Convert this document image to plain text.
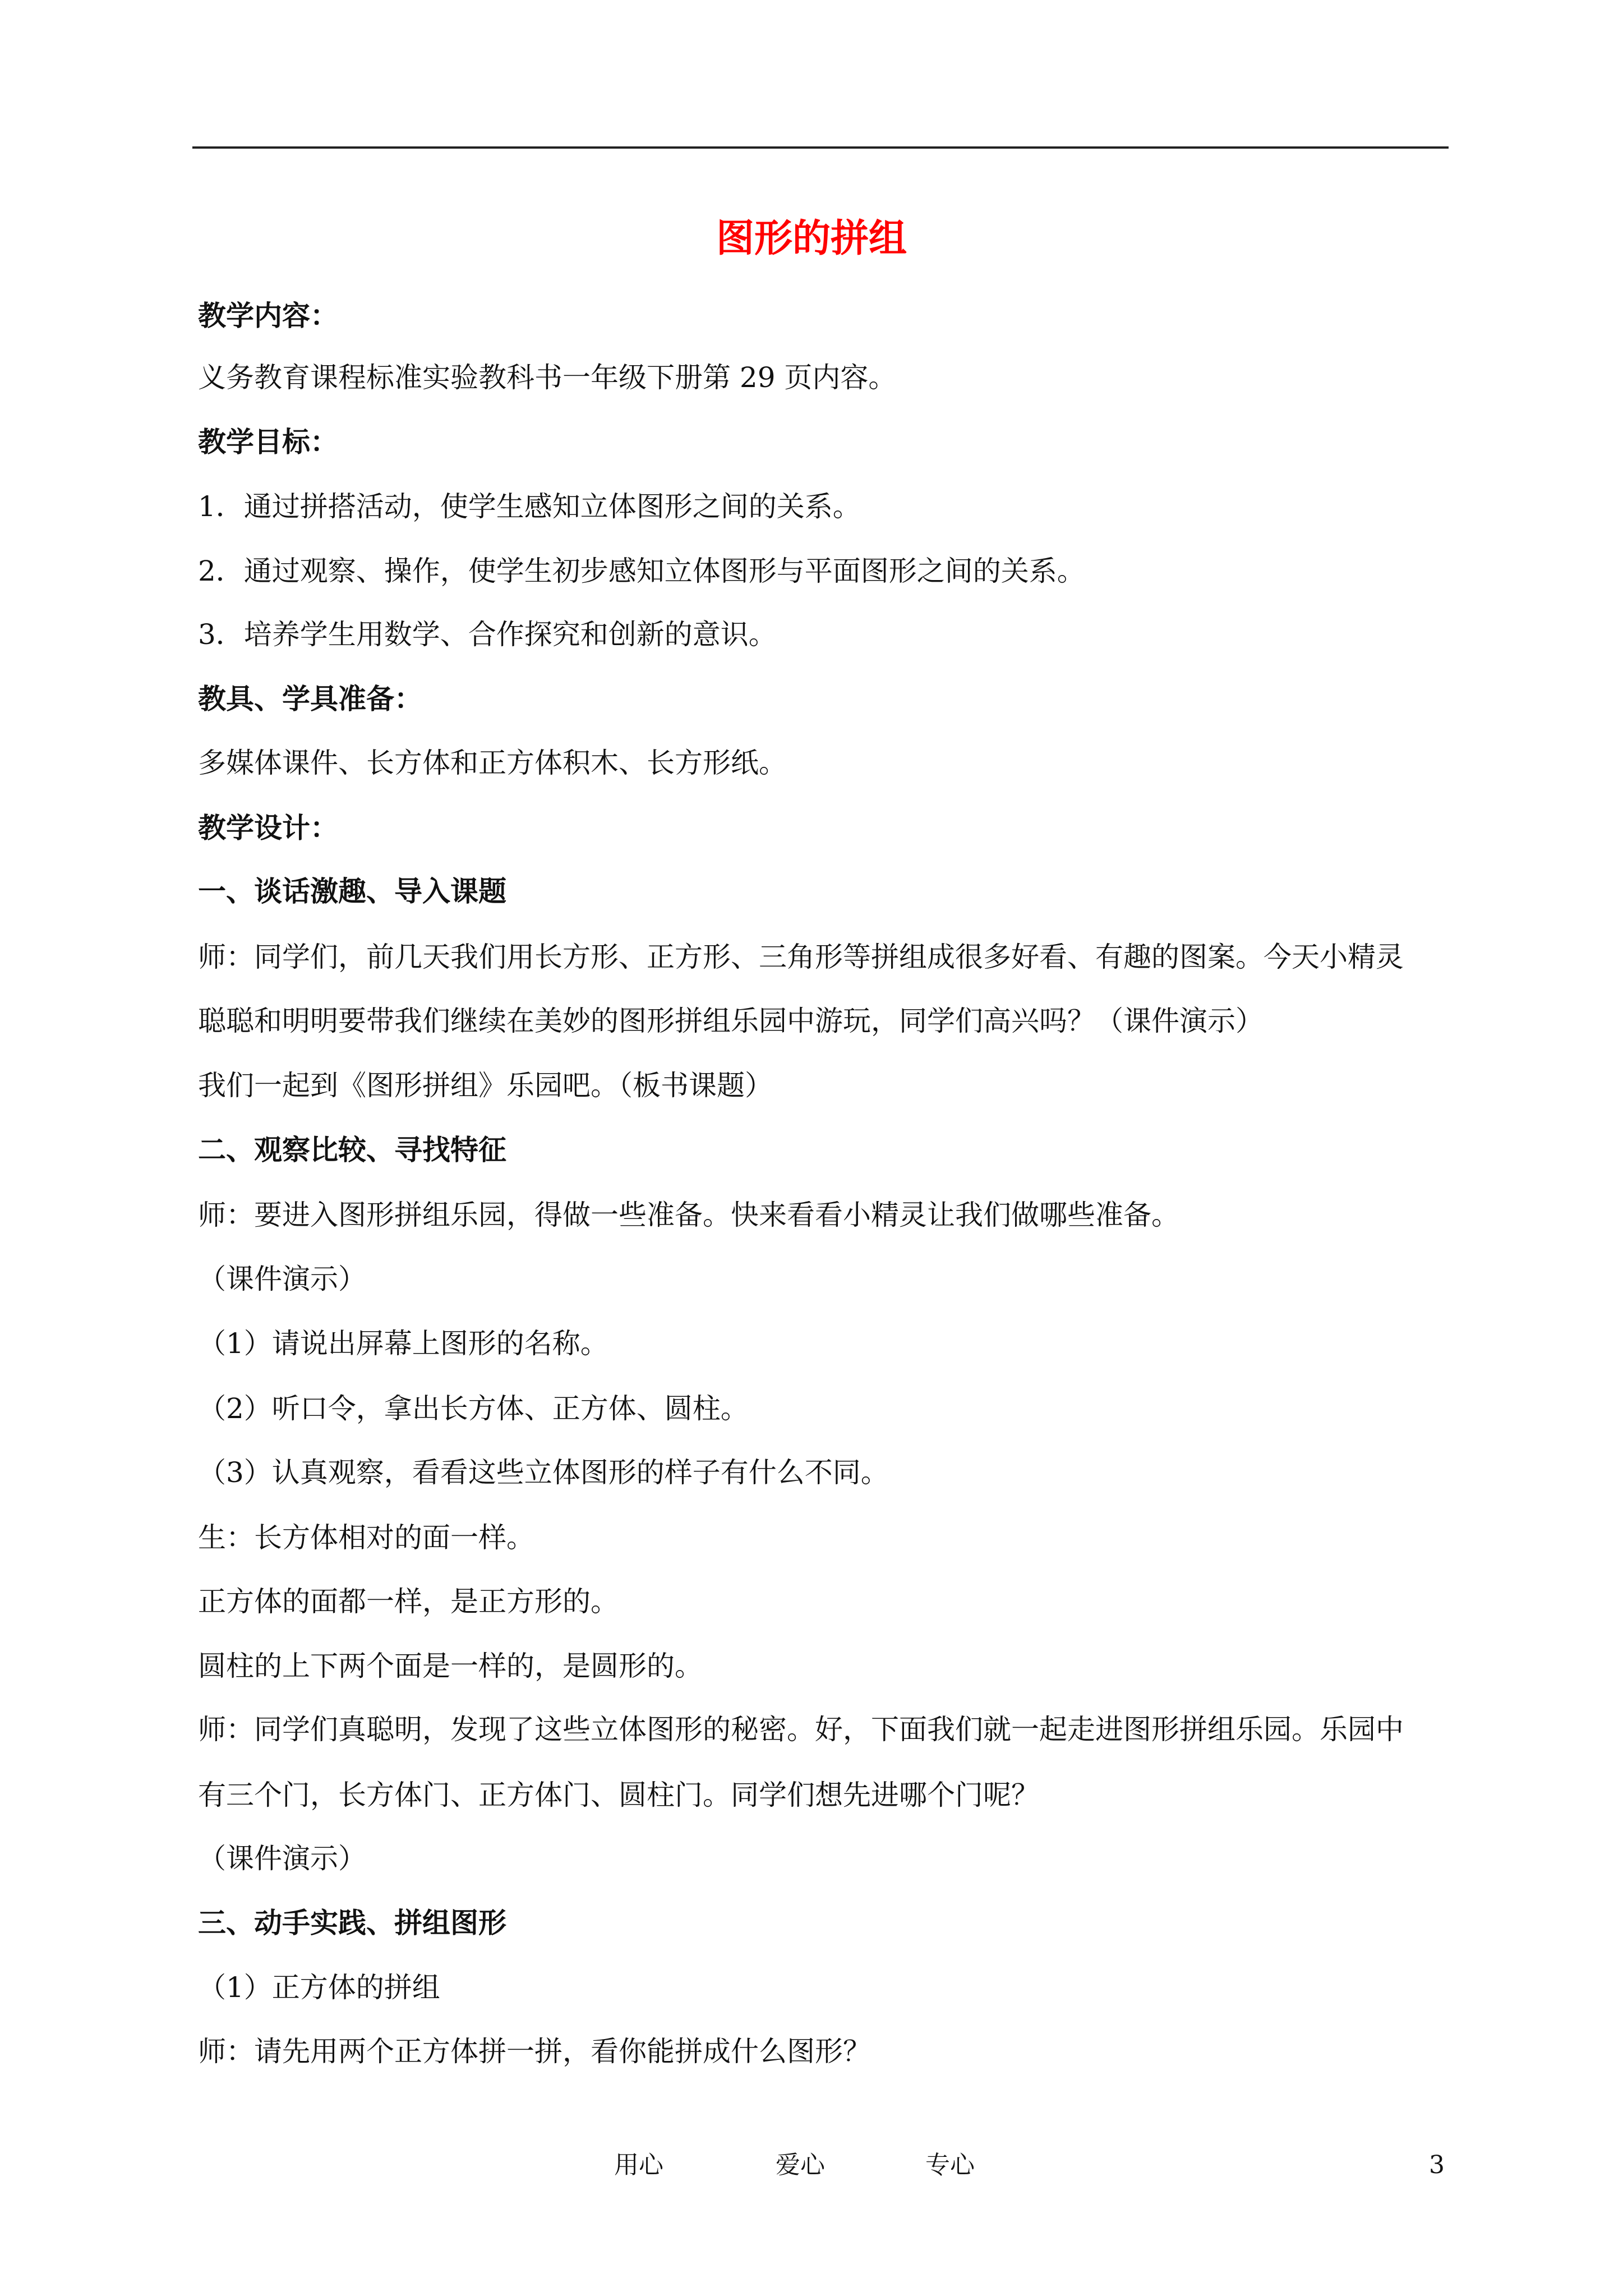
图形的拼组
教学内容：
义务教育课程标准实验教科书一年级下册第 29 页内容。
教学目标：
1．通过拼搭活动，使学生感知立体图形之间的关系。
2．通过观察、操作，使学生初步感知立体图形与平面图形之间的关系。
3．培养学生用数学、合作探究和创新的意识。
教具、学具准备：
多媒体课件、长方体和正方体积木、长方形纸。
教学设计：
一、谈话激趣、导入课题
师：同学们，前几天我们用长方形、正方形、三角形等拼组成很多好看、有趣的图案。今天小精灵
聪聪和明明要带我们继续在美妙的图形拼组乐园中游玩，同学们高兴吗？（课件演示）
我们一起到《图形拼组》乐园吧。（板书课题）
二、观察比较、寻找特征
师：要进入图形拼组乐园，得做一些准备。快来看看小精灵让我们做哪些准备。
（课件演示）
（1）请说出屏幕上图形的名称。
（2）听口令，拿出长方体、正方体、圆柱。
（3）认真观察，看看这些立体图形的样子有什么不同。
生：长方体相对的面一样。
正方体的面都一样，是正方形的。
圆柱的上下两个面是一样的，是圆形的。
师：同学们真聪明，发现了这些立体图形的秘密。好，下面我们就一起走进图形拼组乐园。乐园中
有三个门，长方体门、正方体门、圆柱门。同学们想先进哪个门呢？
（课件演示）
三、动手实践、拼组图形
（1）正方体的拼组
师：请先用两个正方体拼一拼，看你能拼成什么图形？
用心	爱心	专心	3
